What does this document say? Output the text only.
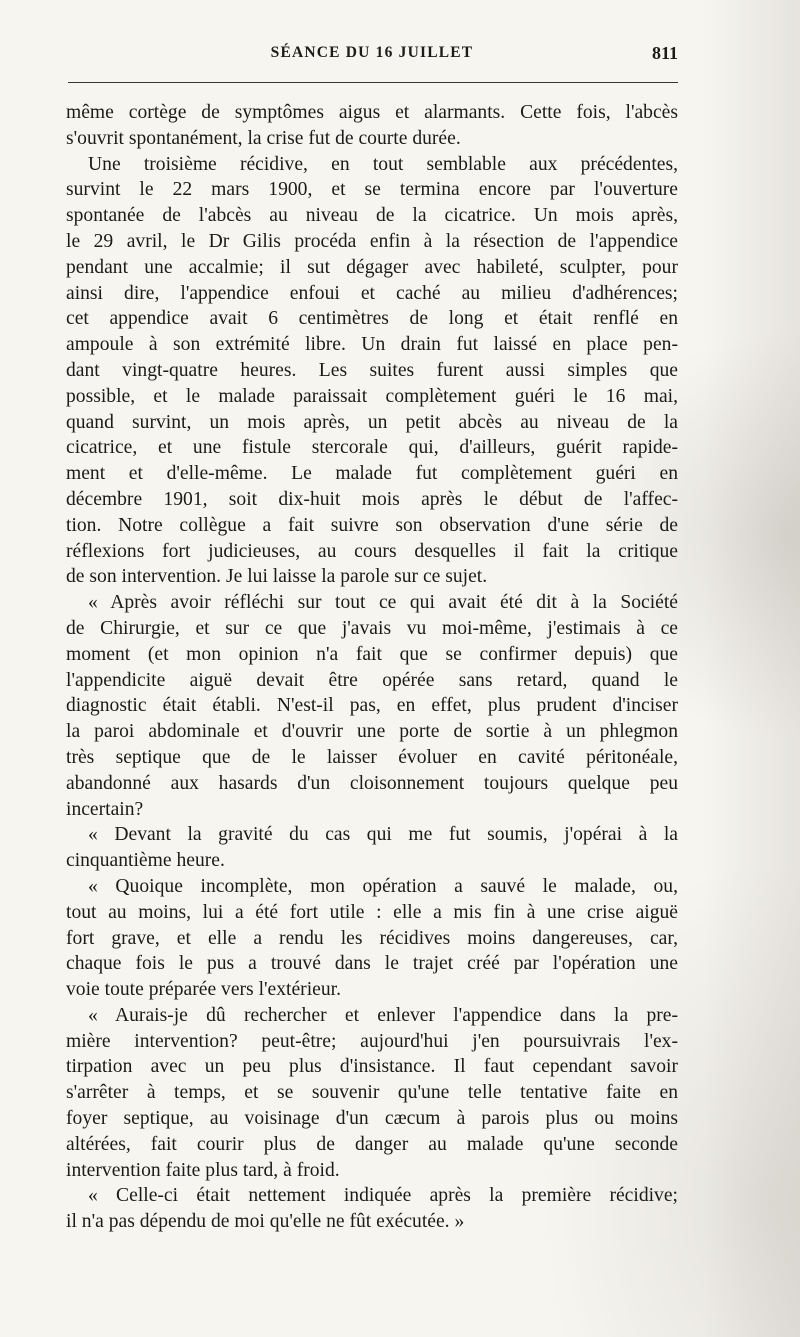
SÉANCE DU 16 JUILLET	811
même cortège de symptômes aigus et alarmants. Cette fois, l'abcès
s'ouvrit spontanément, la crise fut de courte durée.
Une troisième récidive, en tout semblable aux précédentes,
survint le 22 mars 1900, et se termina encore par l'ouverture
spontanée de l'abcès au niveau de la cicatrice. Un mois après,
le 29 avril, le Dr Gilis procéda enfin à la résection de l'appendice
pendant une accalmie; il sut dégager avec habileté, sculpter, pour
ainsi dire, l'appendice enfoui et caché au milieu d'adhérences;
cet appendice avait 6 centimètres de long et était renflé en
ampoule à son extrémité libre. Un drain fut laissé en place pen-
dant vingt-quatre heures. Les suites furent aussi simples que
possible, et le malade paraissait complètement guéri le 16 mai,
quand survint, un mois après, un petit abcès au niveau de la
cicatrice, et une fistule stercorale qui, d'ailleurs, guérit rapide-
ment et d'elle-même. Le malade fut complètement guéri en
décembre 1901, soit dix-huit mois après le début de l'affec-
tion. Notre collègue a fait suivre son observation d'une série de
réflexions fort judicieuses, au cours desquelles il fait la critique
de son intervention. Je lui laisse la parole sur ce sujet.
« Après avoir réfléchi sur tout ce qui avait été dit à la Société
de Chirurgie, et sur ce que j'avais vu moi-même, j'estimais à ce
moment (et mon opinion n'a fait que se confirmer depuis) que
l'appendicite aiguë devait être opérée sans retard, quand le
diagnostic était établi. N'est-il pas, en effet, plus prudent d'inciser
la paroi abdominale et d'ouvrir une porte de sortie à un phlegmon
très septique que de le laisser évoluer en cavité péritonéale,
abandonné aux hasards d'un cloisonnement toujours quelque peu
incertain?
« Devant la gravité du cas qui me fut soumis, j'opérai à la
cinquantième heure.
« Quoique incomplète, mon opération a sauvé le malade, ou,
tout au moins, lui a été fort utile : elle a mis fin à une crise aiguë
fort grave, et elle a rendu les récidives moins dangereuses, car,
chaque fois le pus a trouvé dans le trajet créé par l'opération une
voie toute préparée vers l'extérieur.
« Aurais-je dû rechercher et enlever l'appendice dans la pre-
mière intervention? peut-être; aujourd'hui j'en poursuivrais l'ex-
tirpation avec un peu plus d'insistance. Il faut cependant savoir
s'arrêter à temps, et se souvenir qu'une telle tentative faite en
foyer septique, au voisinage d'un cæcum à parois plus ou moins
altérées, fait courir plus de danger au malade qu'une seconde
intervention faite plus tard, à froid.
« Celle-ci était nettement indiquée après la première récidive;
il n'a pas dépendu de moi qu'elle ne fût exécutée. »
